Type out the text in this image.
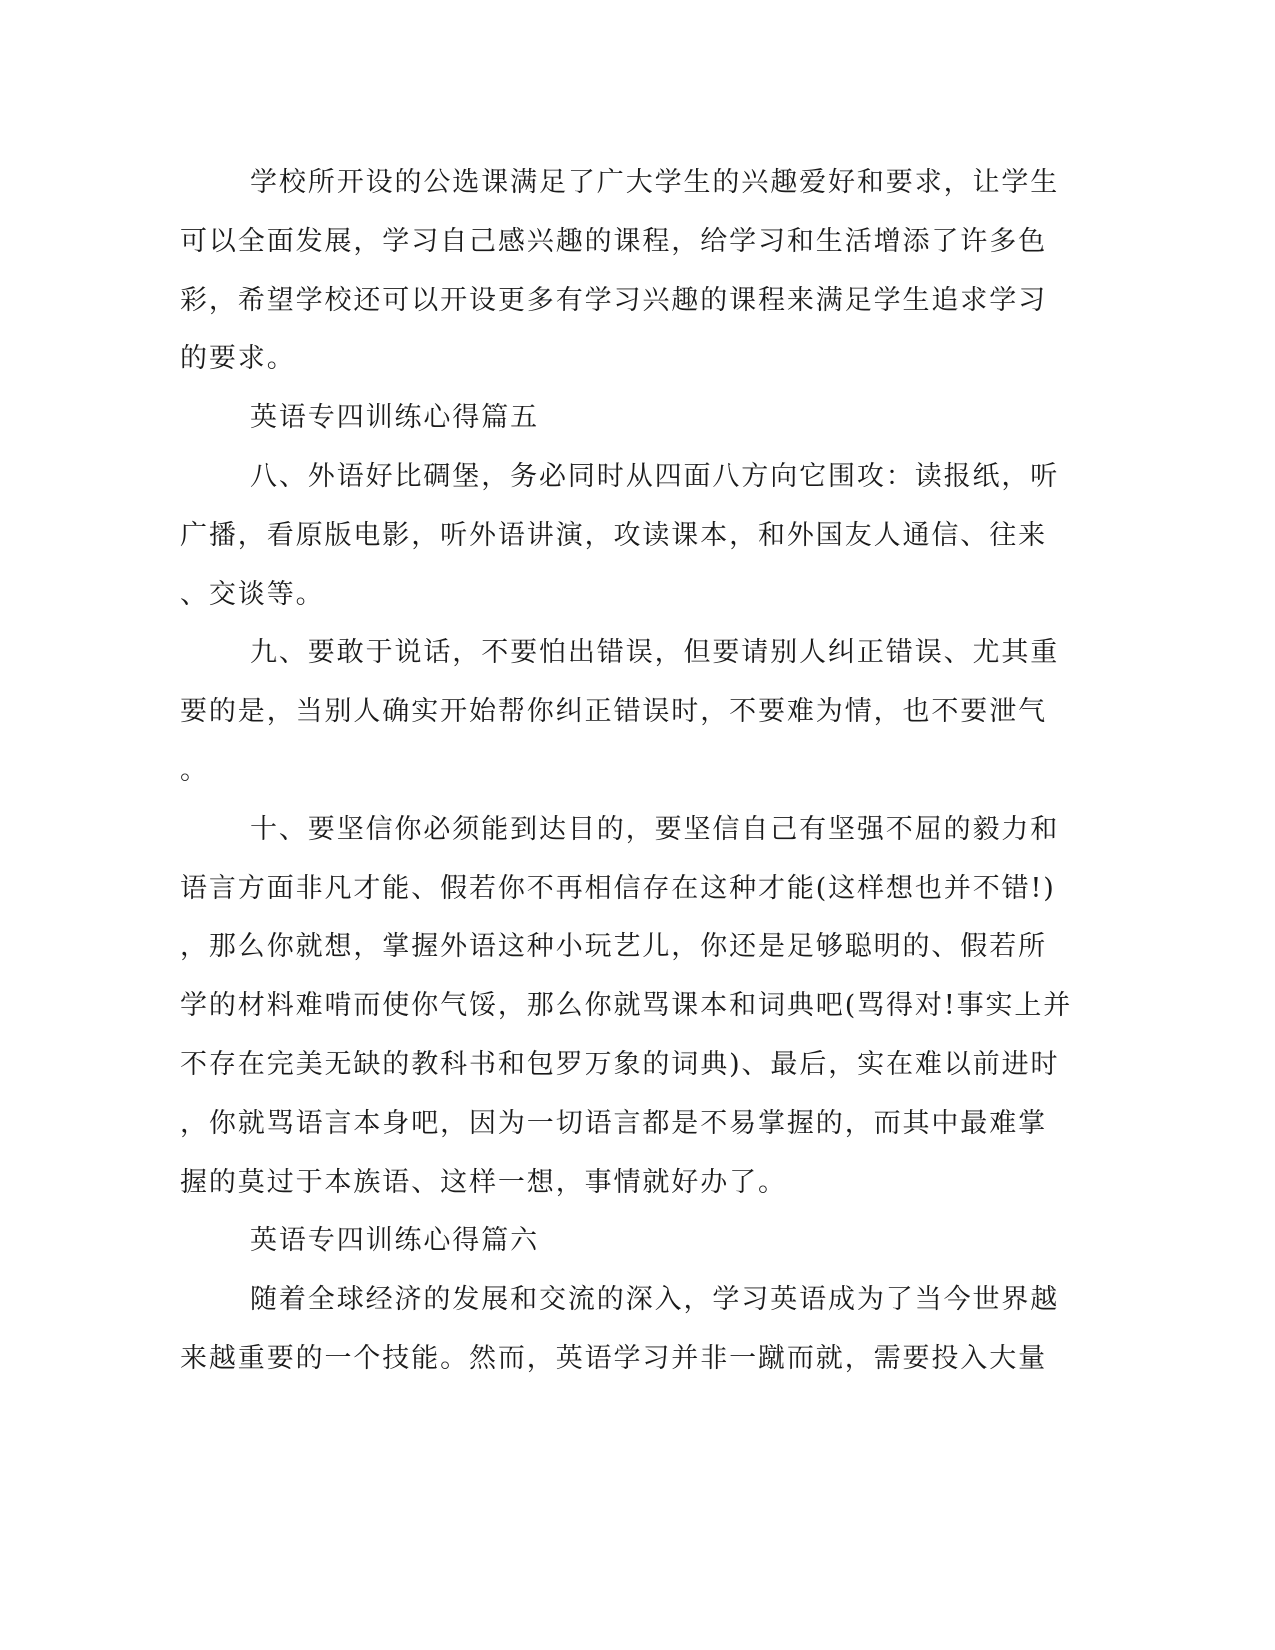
学校所开设的公选课满足了广大学生的兴趣爱好和要求，让学生
可以全面发展，学习自己感兴趣的课程，给学习和生活增添了许多色
彩，希望学校还可以开设更多有学习兴趣的课程来满足学生追求学习
的要求。
英语专四训练心得篇五
八、外语好比碉堡，务必同时从四面八方向它围攻：读报纸，听
广播，看原版电影，听外语讲演，攻读课本，和外国友人通信、往来
、交谈等。
九、要敢于说话，不要怕出错误，但要请别人纠正错误、尤其重
要的是，当别人确实开始帮你纠正错误时，不要难为情，也不要泄气
。
十、要坚信你必须能到达目的，要坚信自己有坚强不屈的毅力和
语言方面非凡才能、假若你不再相信存在这种才能(这样想也并不错!)
，那么你就想，掌握外语这种小玩艺儿，你还是足够聪明的、假若所
学的材料难啃而使你气馁，那么你就骂课本和词典吧(骂得对!事实上并
不存在完美无缺的教科书和包罗万象的词典)、最后，实在难以前进时
，你就骂语言本身吧，因为一切语言都是不易掌握的，而其中最难掌
握的莫过于本族语、这样一想，事情就好办了。
英语专四训练心得篇六
随着全球经济的发展和交流的深入，学习英语成为了当今世界越
来越重要的一个技能。然而，英语学习并非一蹴而就，需要投入大量
